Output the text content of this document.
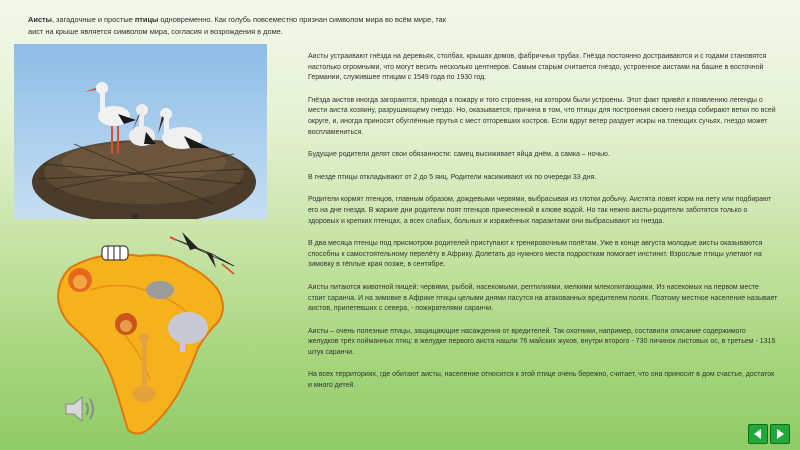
Аисты, загадочные и простые птицы одновременно. Как голубь повсеместно признан символом мира во всём мире, так
аист на крыше является символом мира, согласия и возрождения в доме.

Аисты устраивают гнёзда на деревьях, столбах, крышах домов, фабричных трубах. Гнёзда постоянно достраиваются и с годами становятся настолько огромными, что могут весить несколько центнеров. Самым старым считается гнездо, устроенное аистами на башне в восточной Германии, служившее птицам с 1549 года по 1930 год.

Гнёзда аистов иногда загораются, приводя к пожару и того строения, на котором были устроены. Этот факт привёл к появлению легенды о мести аиста хозяину, разрушающему гнездо. Но, оказывается, причина в том, что птицы для построения своего гнезда собирают ветки по всей округе, и, иногда приносят обуглённые прутья с мест отгоревших костров. Если вдруг ветер раздует искры на тлеющих сучьях, гнездо может воспламениться.

Будущие родители делят свои обязанности: самец высиживает яйца днём, а самка – ночью.

В гнезде птицы откладывают от 2 до 5 яиц. Родители насиживают их по очереди 33 дня.

Родители кормят птенцов, главным образом, дождевыми червями, выбрасывая из глотки добычу. Аистята ловят корм на лету или подбирают его на дне гнезда. В жаркие дни родители поят птенцов принесенной в клюве водой. Но так нежно аисты-родители заботятся только о здоровых и крепких птенцах, а всех слабых, больных и изражённых паразитами они выбрасывают из гнезда.

В два месяца птенцы под присмотром родителей приступают к тренировочным полётам. Уже в конце августа молодые аисты оказываются способны к самостоятельному перелёту в Африку. Долетать до нужного места подросткам помогает инстинкт. Взрослые птицы улетают на зимовку в тёплые края позже, в сентябре.

Аисты питаются животной пищей: червями, рыбой, насекомыми, рептилиями, мелкими млекопитающими. Из насекомых на первом месте стоит саранча. И на зимовке в Африке птицы целыми днями пасутся на атакованных вредителем полях. Поэтому местное население называет аистов, прилетевших с севера, - пожирателями саранчи.

Аисты – очень полезные птицы, защищающие насаждения от вредителей. Так охотники, например, составили описание содержимого желудков трёх пойманных птиц: в желудке первого аиста нашли 76 майских жуков, внутри второго - 730 личинок листовых ос, в третьем - 1315 штук саранчи.

На всех территориях, где обитают аисты, население относится к этой птице очень бережно, считает, что она приносит в дом счастье, достаток и много детей.
